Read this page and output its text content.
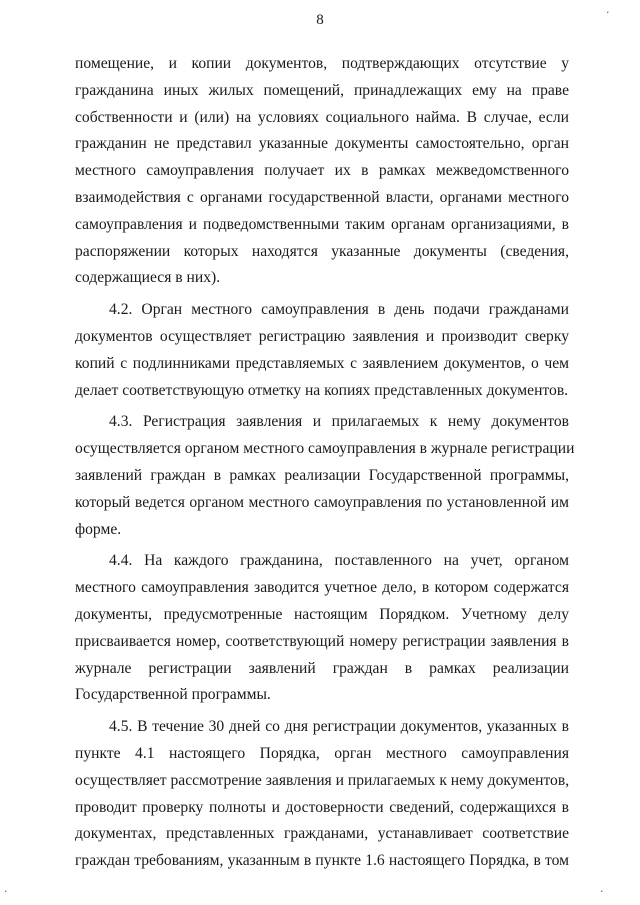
8
помещение, и копии документов, подтверждающих отсутствие у
гражданина иных жилых помещений, принадлежащих ему на праве
собственности и (или) на условиях социального найма. В случае, если
гражданин не представил указанные документы самостоятельно, орган
местного самоуправления получает их в рамках межведомственного
взаимодействия с органами государственной власти, органами местного
самоуправления и подведомственными таким органам организациями, в
распоряжении которых находятся указанные документы (сведения,
содержащиеся в них).
4.2. Орган местного самоуправления в день подачи гражданами
документов осуществляет регистрацию заявления и производит сверку
копий с подлинниками представляемых с заявлением документов, о чем
делает соответствующую отметку на копиях представленных документов.
4.3. Регистрация заявления и прилагаемых к нему документов
осуществляется органом местного самоуправления в журнале регистрации
заявлений граждан в рамках реализации Государственной программы,
который ведется органом местного самоуправления по установленной им
форме.
4.4. На каждого гражданина, поставленного на учет, органом
местного самоуправления заводится учетное дело, в котором содержатся
документы, предусмотренные настоящим Порядком. Учетному делу
присваивается номер, соответствующий номеру регистрации заявления в
журнале регистрации заявлений граждан в рамках реализации
Государственной программы.
4.5. В течение 30 дней со дня регистрации документов, указанных в
пункте 4.1 настоящего Порядка, орган местного самоуправления
осуществляет рассмотрение заявления и прилагаемых к нему документов,
проводит проверку полноты и достоверности сведений, содержащихся в
документах, представленных гражданами, устанавливает соответствие
граждан требованиям, указанным в пункте 1.6 настоящего Порядка, в том
·
·	·
